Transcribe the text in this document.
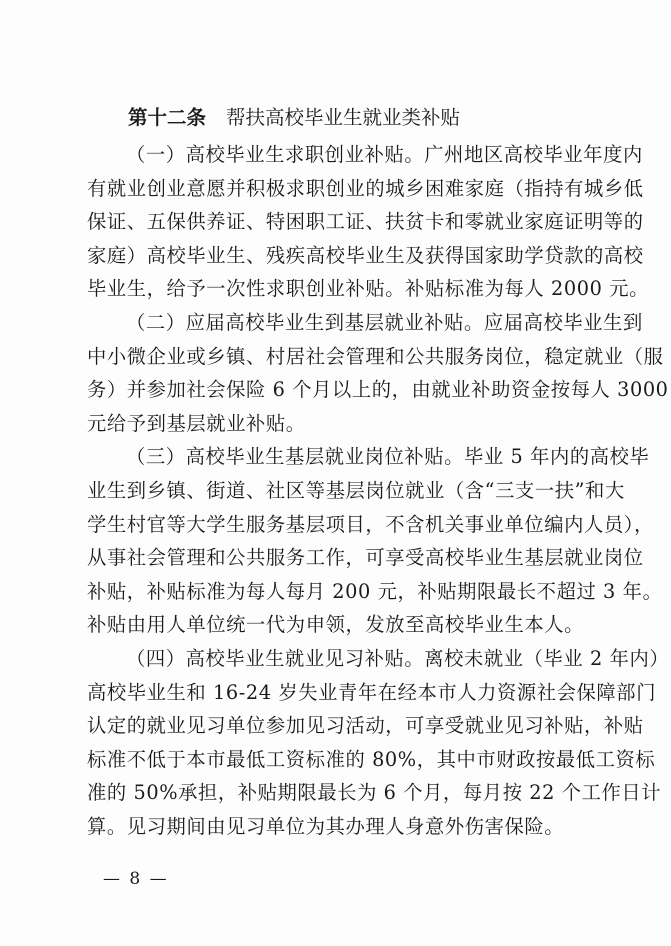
第十二条 帮扶高校毕业生就业类补贴

（一）高校毕业生求职创业补贴。广州地区高校毕业年度内
有就业创业意愿并积极求职创业的城乡困难家庭（指持有城乡低
保证、五保供养证、特困职工证、扶贫卡和零就业家庭证明等的
家庭）高校毕业生、残疾高校毕业生及获得国家助学贷款的高校
毕业生，给予一次性求职创业补贴。补贴标准为每人 2000 元。

（二）应届高校毕业生到基层就业补贴。应届高校毕业生到
中小微企业或乡镇、村居社会管理和公共服务岗位，稳定就业（服
务）并参加社会保险 6 个月以上的，由就业补助资金按每人 3000
元给予到基层就业补贴。

（三）高校毕业生基层就业岗位补贴。毕业 5 年内的高校毕
业生到乡镇、街道、社区等基层岗位就业（含“三支一扶”和大
学生村官等大学生服务基层项目，不含机关事业单位编内人员），
从事社会管理和公共服务工作，可享受高校毕业生基层就业岗位
补贴，补贴标准为每人每月 200 元，补贴期限最长不超过 3 年。
补贴由用人单位统一代为申领，发放至高校毕业生本人。

（四）高校毕业生就业见习补贴。离校未就业（毕业 2 年内）
高校毕业生和 16-24 岁失业青年在经本市人力资源社会保障部门
认定的就业见习单位参加见习活动，可享受就业见习补贴，补贴
标准不低于本市最低工资标准的 80%，其中市财政按最低工资标
准的 50%承担，补贴期限最长为 6 个月，每月按 22 个工作日计
算。见习期间由见习单位为其办理人身意外伤害保险。

— 8 —
